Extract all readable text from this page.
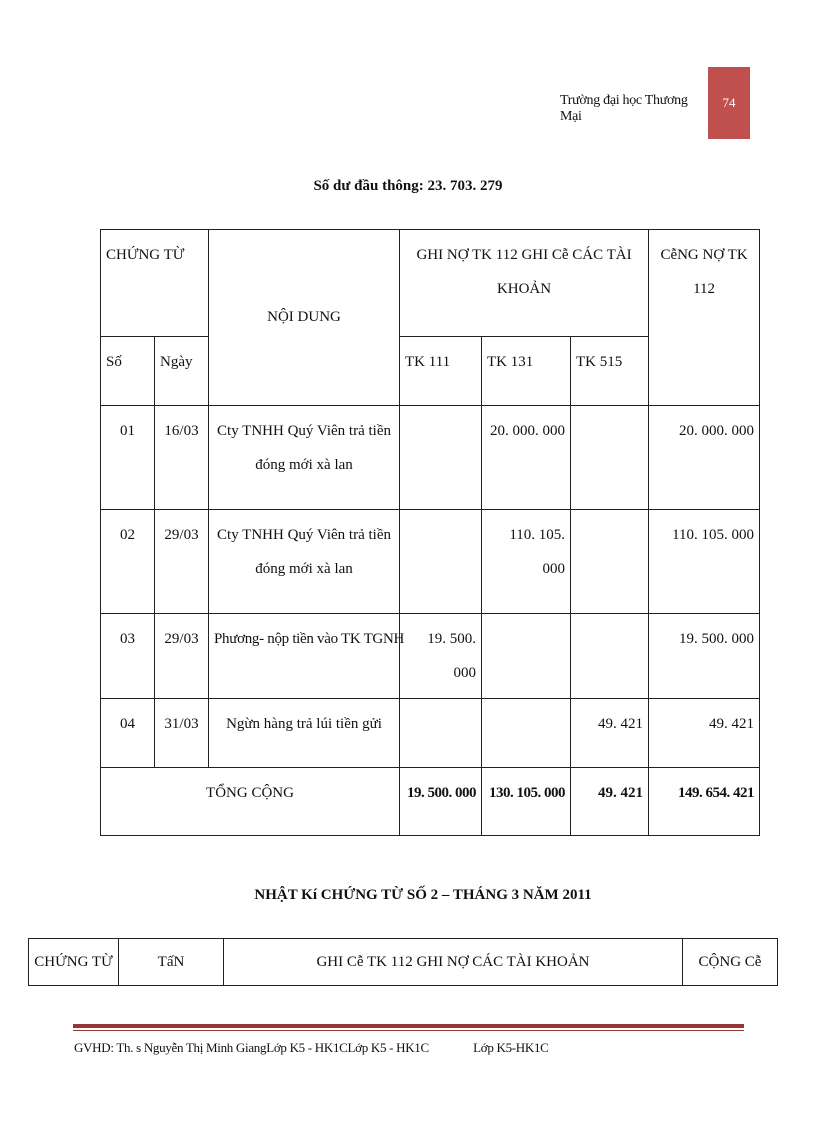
Trường đại học Thương Mại
74
Số dư đầu thông: 23. 703. 279
CHỨNG TỪ		NỘI DUNG	GHI NỢ TK 112 GHI Cễ CÁC TÀI KHOẢN			CễNG NỢ TK 112
Số	Ngày		TK 111	TK 131	TK 515	
01	16/03	Cty TNHH Quý Viên trả tiền đóng mới xà lan		20. 000. 000		20. 000. 000
02	29/03	Cty TNHH Quý Viên trả tiền đóng mới xà lan		110. 105. 000		110. 105. 000
03	29/03	Phương- nộp tiền vào TK TGNH	19. 500. 000			19. 500. 000
04	31/03	Ngừn hàng trả lúi tiền gửi			49. 421	49. 421
TỔNG CỘNG			19. 500. 000	130. 105. 000	49. 421	149. 654. 421
NHẬT Kí CHỨNG TỪ SỐ 2 – THÁNG 3 NĂM 2011
CHỨNG TỪ	TấN	GHI Cễ TK 112 GHI NỢ CÁC TÀI KHOẢN	CỘNG Cễ
GVHD: Th. s Nguyễn Thị Minh GiangLớp K5 - HK1CLớp K5 - HK1C	Lớp K5-HK1C
